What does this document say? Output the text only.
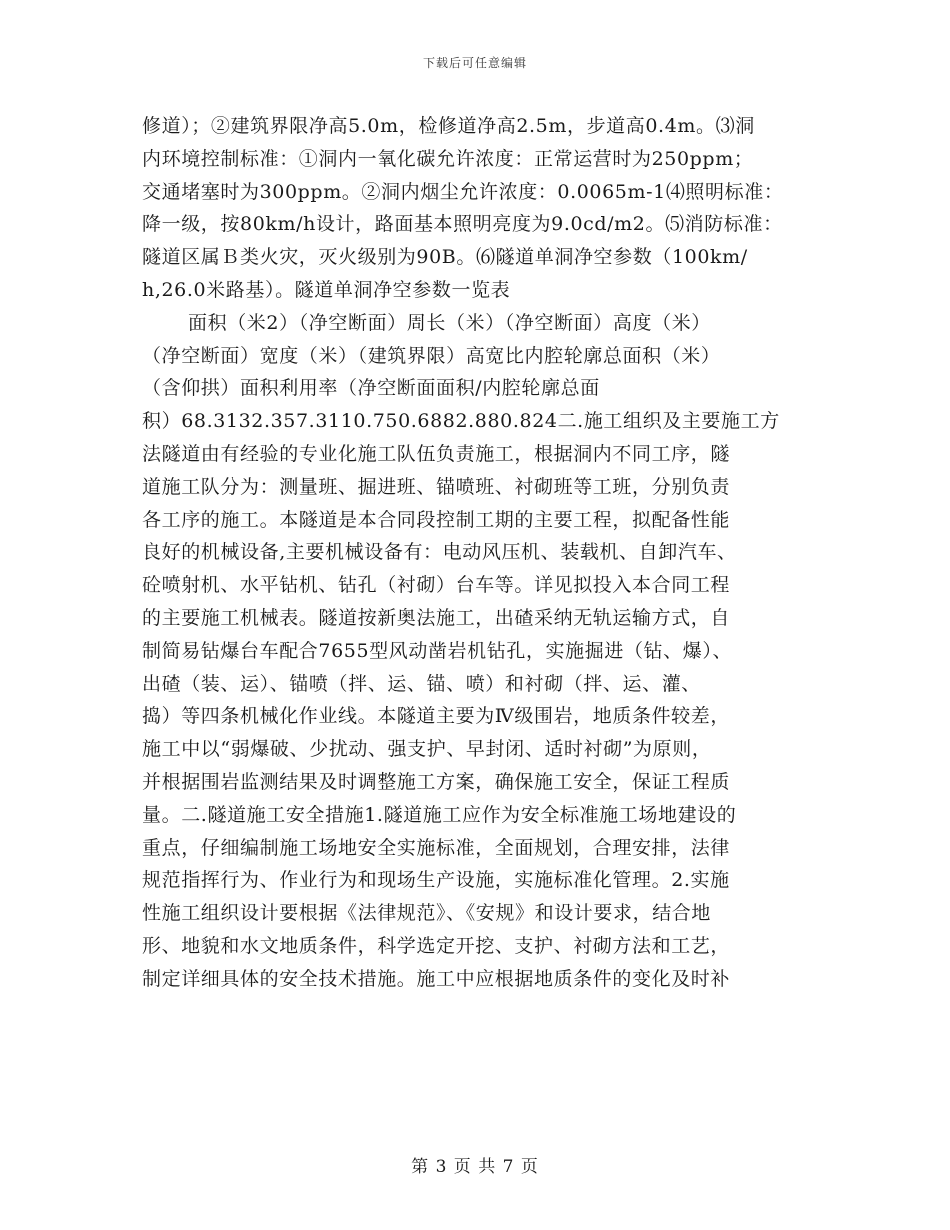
下载后可任意编辑
修道）；②建筑界限净高5.0m，检修道净高2.5m，步道高0.4m。⑶洞
内环境控制标准：①洞内一氧化碳允许浓度：正常运营时为250ppm；
交通堵塞时为300ppm。②洞内烟尘允许浓度：0.0065m-1⑷照明标准：
降一级，按80km/h设计，路面基本照明亮度为9.0cd/m2。⑸消防标准：
隧道区属Ｂ类火灾，灭火级别为90B。⑹隧道单洞净空参数（100km/
h,26.0米路基）。隧道单洞净空参数一览表
面积（米2）（净空断面）周长（米）（净空断面）高度（米）
（净空断面）宽度（米）（建筑界限）高宽比内腔轮廓总面积（米）
（含仰拱）面积利用率（净空断面面积/内腔轮廓总面
积）68.3132.357.3110.750.6882.880.824二.施工组织及主要施工方
法隧道由有经验的专业化施工队伍负责施工，根据洞内不同工序，隧
道施工队分为：测量班、掘进班、锚喷班、衬砌班等工班，分别负责
各工序的施工。本隧道是本合同段控制工期的主要工程，拟配备性能
良好的机械设备,主要机械设备有：电动风压机、装载机、自卸汽车、
砼喷射机、水平钻机、钻孔（衬砌）台车等。详见拟投入本合同工程
的主要施工机械表。隧道按新奥法施工，出碴采纳无轨运输方式，自
制简易钻爆台车配合7655型风动凿岩机钻孔，实施掘进（钻、爆）、
出碴（装、运）、锚喷（拌、运、锚、喷）和衬砌（拌、运、灌、
捣）等四条机械化作业线。本隧道主要为Ⅳ级围岩，地质条件较差，
施工中以“弱爆破、少扰动、强支护、早封闭、适时衬砌”为原则，
并根据围岩监测结果及时调整施工方案，确保施工安全，保证工程质
量。二.隧道施工安全措施1.隧道施工应作为安全标准施工场地建设的
重点，仔细编制施工场地安全实施标准，全面规划，合理安排，法律
规范指挥行为、作业行为和现场生产设施，实施标准化管理。2.实施
性施工组织设计要根据《法律规范》、《安规》和设计要求，结合地
形、地貌和水文地质条件，科学选定开挖、支护、衬砌方法和工艺，
制定详细具体的安全技术措施。施工中应根据地质条件的变化及时补
第 3 页 共 7 页
